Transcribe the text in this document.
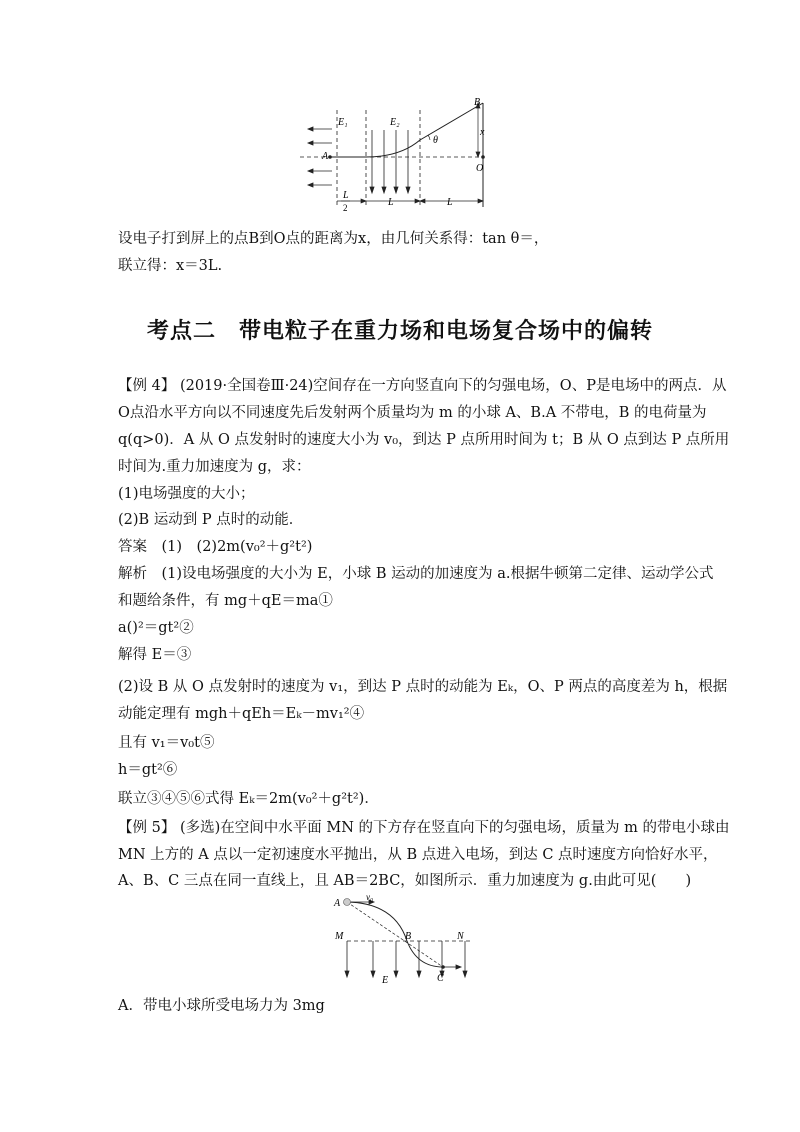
E₁	E₂
A
B
O
x
θ
L
2	L	L
设电子打到屏上的点B到O点的距离为x，由几何关系得：tan θ＝，
联立得：x＝3L.
考点二　带电粒子在重力场和电场复合场中的偏转
【例 4】 (2019·全国卷Ⅲ·24)空间存在一方向竖直向下的匀强电场，O、P是电场中的两点．从
O点沿水平方向以不同速度先后发射两个质量均为 m 的小球 A、B.A 不带电，B 的电荷量为
q(q>0)．A 从 O 点发射时的速度大小为 v₀，到达 P 点所用时间为 t；B 从 O 点到达 P 点所用
时间为.重力加速度为 g，求：
(1)电场强度的大小；
(2)B 运动到 P 点时的动能．
答案　(1)　(2)2m(v₀²＋g²t²)
解析　(1)设电场强度的大小为 E，小球 B 运动的加速度为 a.根据牛顿第二定律、运动学公式
和题给条件，有 mg＋qE＝ma①
a()²＝gt²②
解得 E＝③
(2)设 B 从 O 点发射时的速度为 v₁，到达 P 点时的动能为 Eₖ，O、P 两点的高度差为 h，根据
动能定理有 mgh＋qEh＝Eₖ－mv₁²④
且有 v₁＝v₀t⑤
h＝gt²⑥
联立③④⑤⑥式得 Eₖ＝2m(v₀²＋g²t²)．
【例 5】 (多选)在空间中水平面 MN 的下方存在竖直向下的匀强电场，质量为 m 的带电小球由
MN 上方的 A 点以一定初速度水平抛出，从 B 点进入电场，到达 C 点时速度方向恰好水平，
A、B、C 三点在同一直线上，且 AB＝2BC，如图所示．重力加速度为 g.由此可见(　　)
A
v₀
M	B	N
E	C
A．带电小球所受电场力为 3mg
